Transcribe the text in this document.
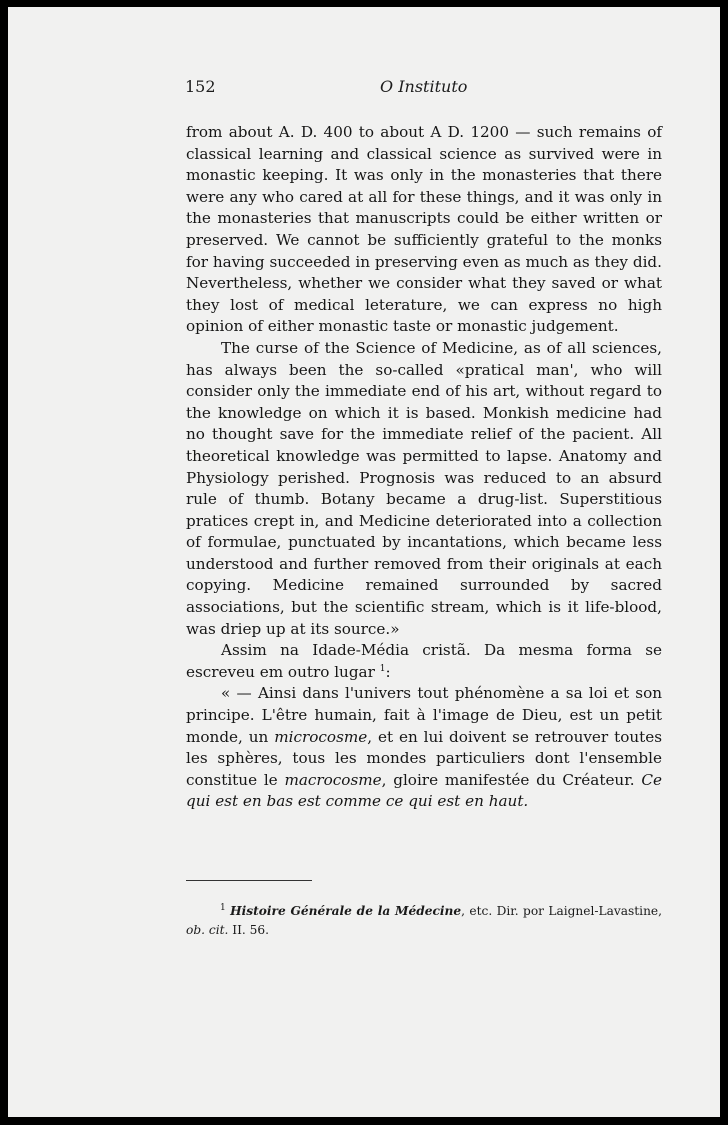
152	O Instituto

from about A. D. 400 to about A D. 1200 — such remains of classical learning and classical science as survived were in monastic keeping. It was only in the monasteries that there were any who cared at all for these things, and it was only in the monasteries that manuscripts could be either written or preserved. We cannot be sufficiently grateful to the monks for having succeeded in preserving even as much as they did. Nevertheless, whether we consider what they saved or what they lost of medical leterature, we can express no high opinion of either monastic taste or monastic judgement.

The curse of the Science of Medicine, as of all sciences, has always been the so-called «pratical man', who will consider only the immediate end of his art, without regard to the knowledge on which it is based. Monkish medicine had no thought save for the immediate relief of the pacient. All theoretical knowledge was permitted to lapse. Anatomy and Physiology perished. Prognosis was reduced to an absurd rule of thumb. Botany became a drug-list. Superstitious pratices crept in, and Medicine deteriorated into a collection of formulae, punctuated by incantations, which became less understood and further removed from their originals at each copying. Medicine remained surrounded by sacred associations, but the scientific stream, which is it life-blood, was driep up at its source.»

Assim na Idade-Média cristã. Da mesma forma se escreveu em outro lugar $^1$:

« — Ainsi dans l'univers tout phénomène a sa loi et son principe. L'être humain, fait à l'image de Dieu, est un petit monde, un microcosme, et en lui doivent se retrouver toutes les sphères, tous les mondes particuliers dont l'ensemble constitue le macrocosme, gloire manifestée du Créateur. Ce qui est en bas est comme ce qui est en haut.

$^1$ Histoire Générale de la Médecine, etc. Dir. por Laignel-Lavastine, ob. cit. II. 56.
